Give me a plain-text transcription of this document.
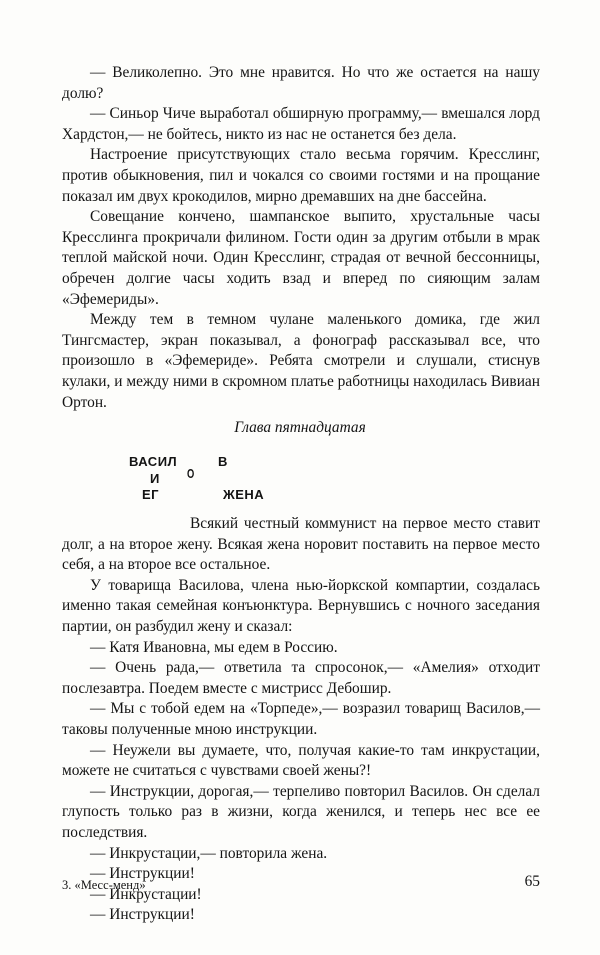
— Великолепно. Это мне нравится. Но что же остается на нашу долю?

— Синьор Чиче выработал обширную программу,— вмешался лорд Хардстон,— не бойтесь, никто из нас не останется без дела.

Настроение присутствующих стало весьма горячим. Кресслинг, против обыкновения, пил и чокался со своими гостями и на прощание показал им двух крокодилов, мирно дремавших на дне бассейна.

Совещание кончено, шампанское выпито, хрустальные часы Кресслинга прокричали филином. Гости один за другим отбыли в мрак теплой майской ночи. Один Кресслинг, страдая от вечной бессонницы, обречен долгие часы ходить взад и вперед по сияющим залам «Эфемериды».

Между тем в темном чулане маленького домика, где жил Тингсмастер, экран показывал, а фонограф рассказывал все, что произошло в «Эфемериде». Ребята смотрели и слушали, стиснув кулаки, и между ними в скромном платье работницы находилась Вивиан Ортон.

Глава пятнадцатая
ВАСИЛ
И
ЕГ
О
В
ЖЕНА

Всякий честный коммунист на первое место ставит долг, а на второе жену. Всякая жена норовит поставить на первое место себя, а на второе все остальное.

У товарища Василова, члена нью-йоркской компартии, создалась именно такая семейная конъюнктура. Вернувшись с ночного заседания партии, он разбудил жену и сказал:

— Катя Ивановна, мы едем в Россию.

— Очень рада,— ответила та спросонок,— «Амелия» отходит послезавтра. Поедем вместе с мистрисс Дебошир.

— Мы с тобой едем на «Торпеде»,— возразил товарищ Василов,— таковы полученные мною инструкции.

— Неужели вы думаете, что, получая какие-то там инкрустации, можете не считаться с чувствами своей жены?!

— Инструкции, дорогая,— терпеливо повторил Василов. Он сделал глупость только раз в жизни, когда женился, и теперь нес все ее последствия.

— Инкрустации,— повторила жена.

— Инструкции!

— Инкрустации!

— Инструкции!

3. «Месс-менд»	65
